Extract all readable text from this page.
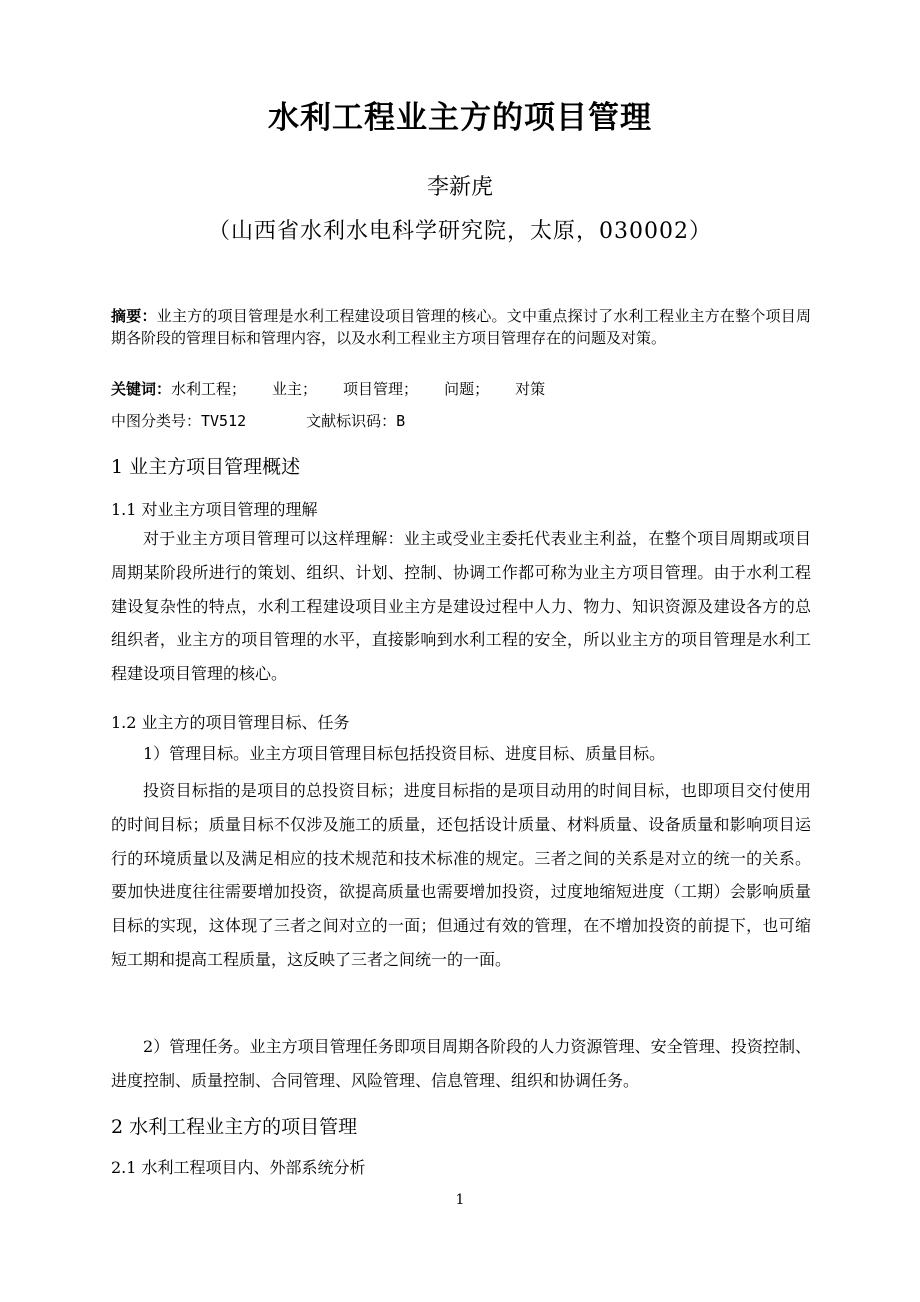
水利工程业主方的项目管理
李新虎
（山西省水利水电科学研究院，太原，030002）
摘要：业主方的项目管理是水利工程建设项目管理的核心。文中重点探讨了水利工程业主方在整个项目周期各阶段的管理目标和管理内容，以及水利工程业主方项目管理存在的问题及对策。
关键词：水利工程； 业主； 项目管理； 问题； 对策
中图分类号：TV512	文献标识码：B
1 业主方项目管理概述
1.1 对业主方项目管理的理解
对于业主方项目管理可以这样理解：业主或受业主委托代表业主利益，在整个项目周期或项目周期某阶段所进行的策划、组织、计划、控制、协调工作都可称为业主方项目管理。由于水利工程建设复杂性的特点，水利工程建设项目业主方是建设过程中人力、物力、知识资源及建设各方的总组织者，业主方的项目管理的水平，直接影响到水利工程的安全，所以业主方的项目管理是水利工程建设项目管理的核心。
1.2 业主方的项目管理目标、任务
1）管理目标。业主方项目管理目标包括投资目标、进度目标、质量目标。
投资目标指的是项目的总投资目标；进度目标指的是项目动用的时间目标，也即项目交付使用的时间目标；质量目标不仅涉及施工的质量，还包括设计质量、材料质量、设备质量和影响项目运行的环境质量以及满足相应的技术规范和技术标准的规定。三者之间的关系是对立的统一的关系。要加快进度往往需要增加投资，欲提高质量也需要增加投资，过度地缩短进度（工期）会影响质量目标的实现，这体现了三者之间对立的一面；但通过有效的管理，在不增加投资的前提下，也可缩短工期和提高工程质量，这反映了三者之间统一的一面。
2）管理任务。业主方项目管理任务即项目周期各阶段的人力资源管理、安全管理、投资控制、进度控制、质量控制、合同管理、风险管理、信息管理、组织和协调任务。
2 水利工程业主方的项目管理
2.1 水利工程项目内、外部系统分析
1
